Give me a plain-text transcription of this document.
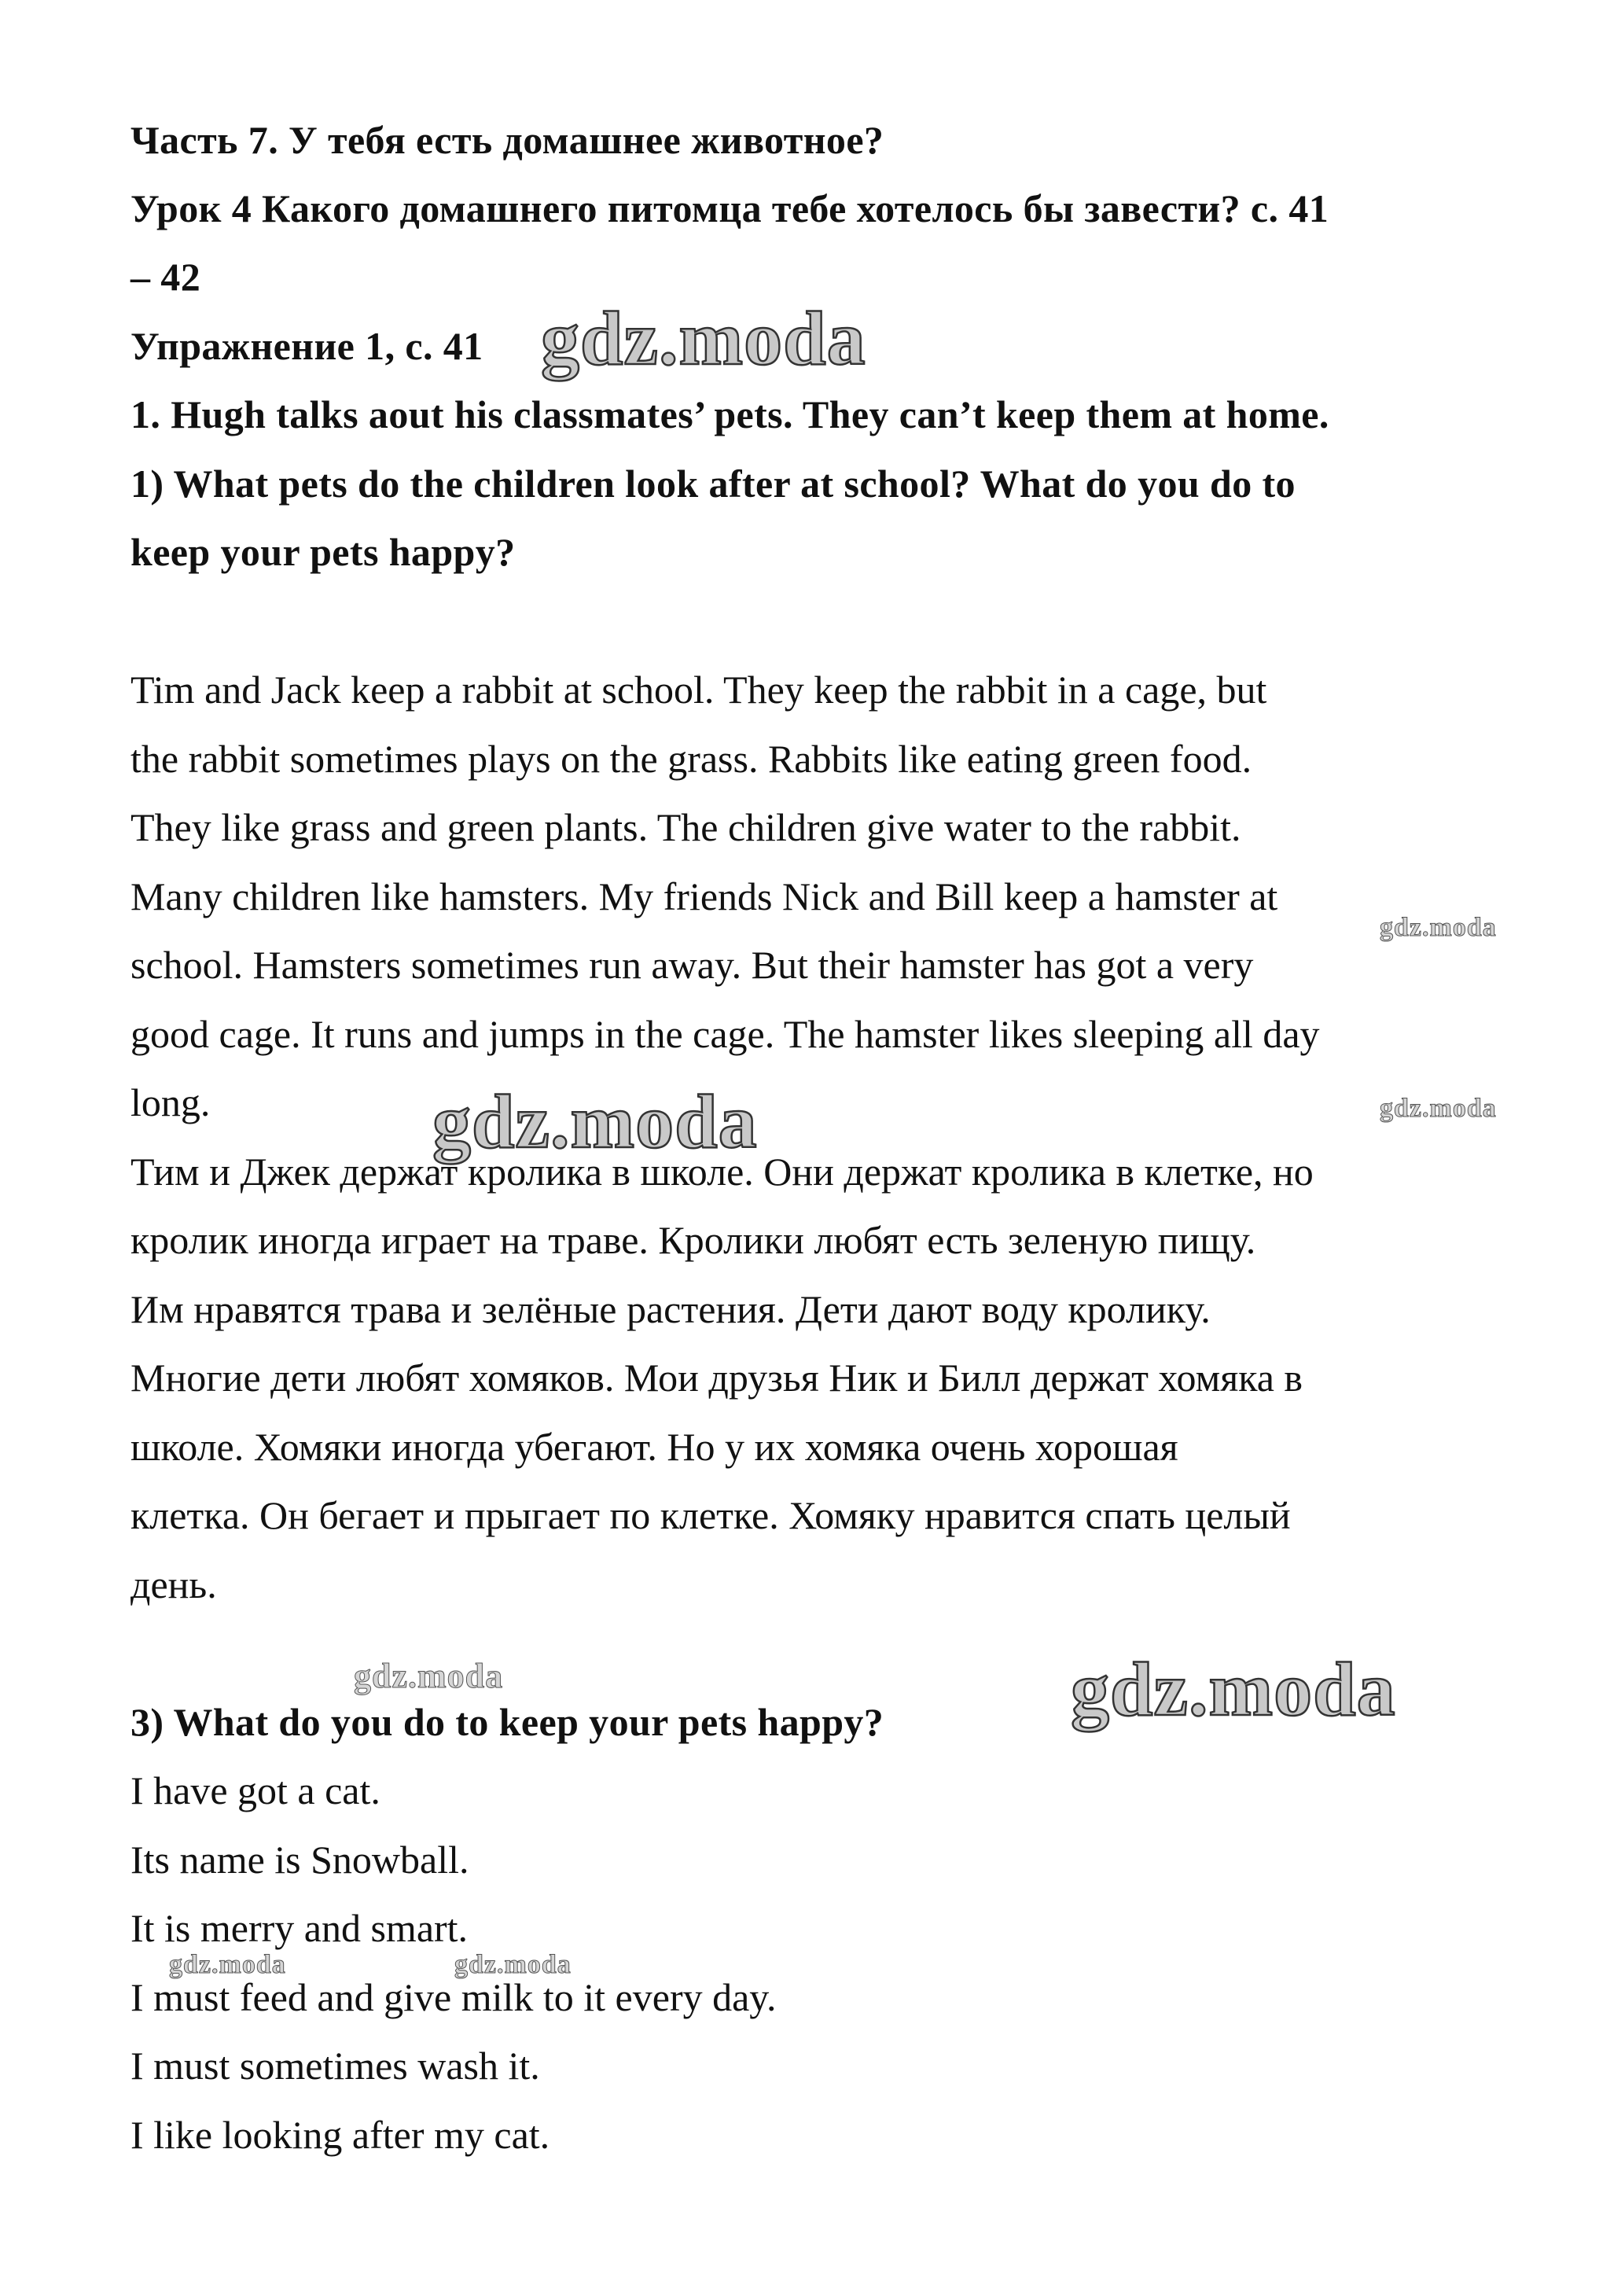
Часть 7. У тебя есть домашнее животное?
Урок 4 Какого домашнего питомца тебе хотелось бы завести? с. 41
– 42
Упражнение 1, с. 41
1. Hugh talks aout his classmates’ pets. They can’t keep them at home.
1) What pets do the children look after at school? What do you do to
keep your pets happy?
Tim and Jack keep a rabbit at school. They keep the rabbit in a cage, but
the rabbit sometimes plays on the grass. Rabbits like eating green food.
They like grass and green plants. The children give water to the rabbit.
Many children like hamsters. My friends Nick and Bill keep a hamster at
school. Hamsters sometimes run away. But their hamster has got a very
good cage. It runs and jumps in the cage. The hamster likes sleeping all day
long.
Тим и Джек держат кролика в школе. Они держат кролика в клетке, но
кролик иногда играет на траве. Кролики любят есть зеленую пищу.
Им нравятся трава и зелёные растения. Дети дают воду кролику.
Многие дети любят хомяков. Мои друзья Ник и Билл держат хомяка в
школе. Хомяки иногда убегают. Но у их хомяка очень хорошая
клетка. Он бегает и прыгает по клетке. Хомяку нравится спать целый
день.
3) What do you do to keep your pets happy?
I have got a cat.
Its name is Snowball.
It is merry and smart.
I must feed and give milk to it every day.
I must sometimes wash it.
I like looking after my cat.
gdz.moda
gdz.moda
gdz.moda
gdz.moda
gdz.moda
gdz.moda
gdz.moda	gdz.moda
